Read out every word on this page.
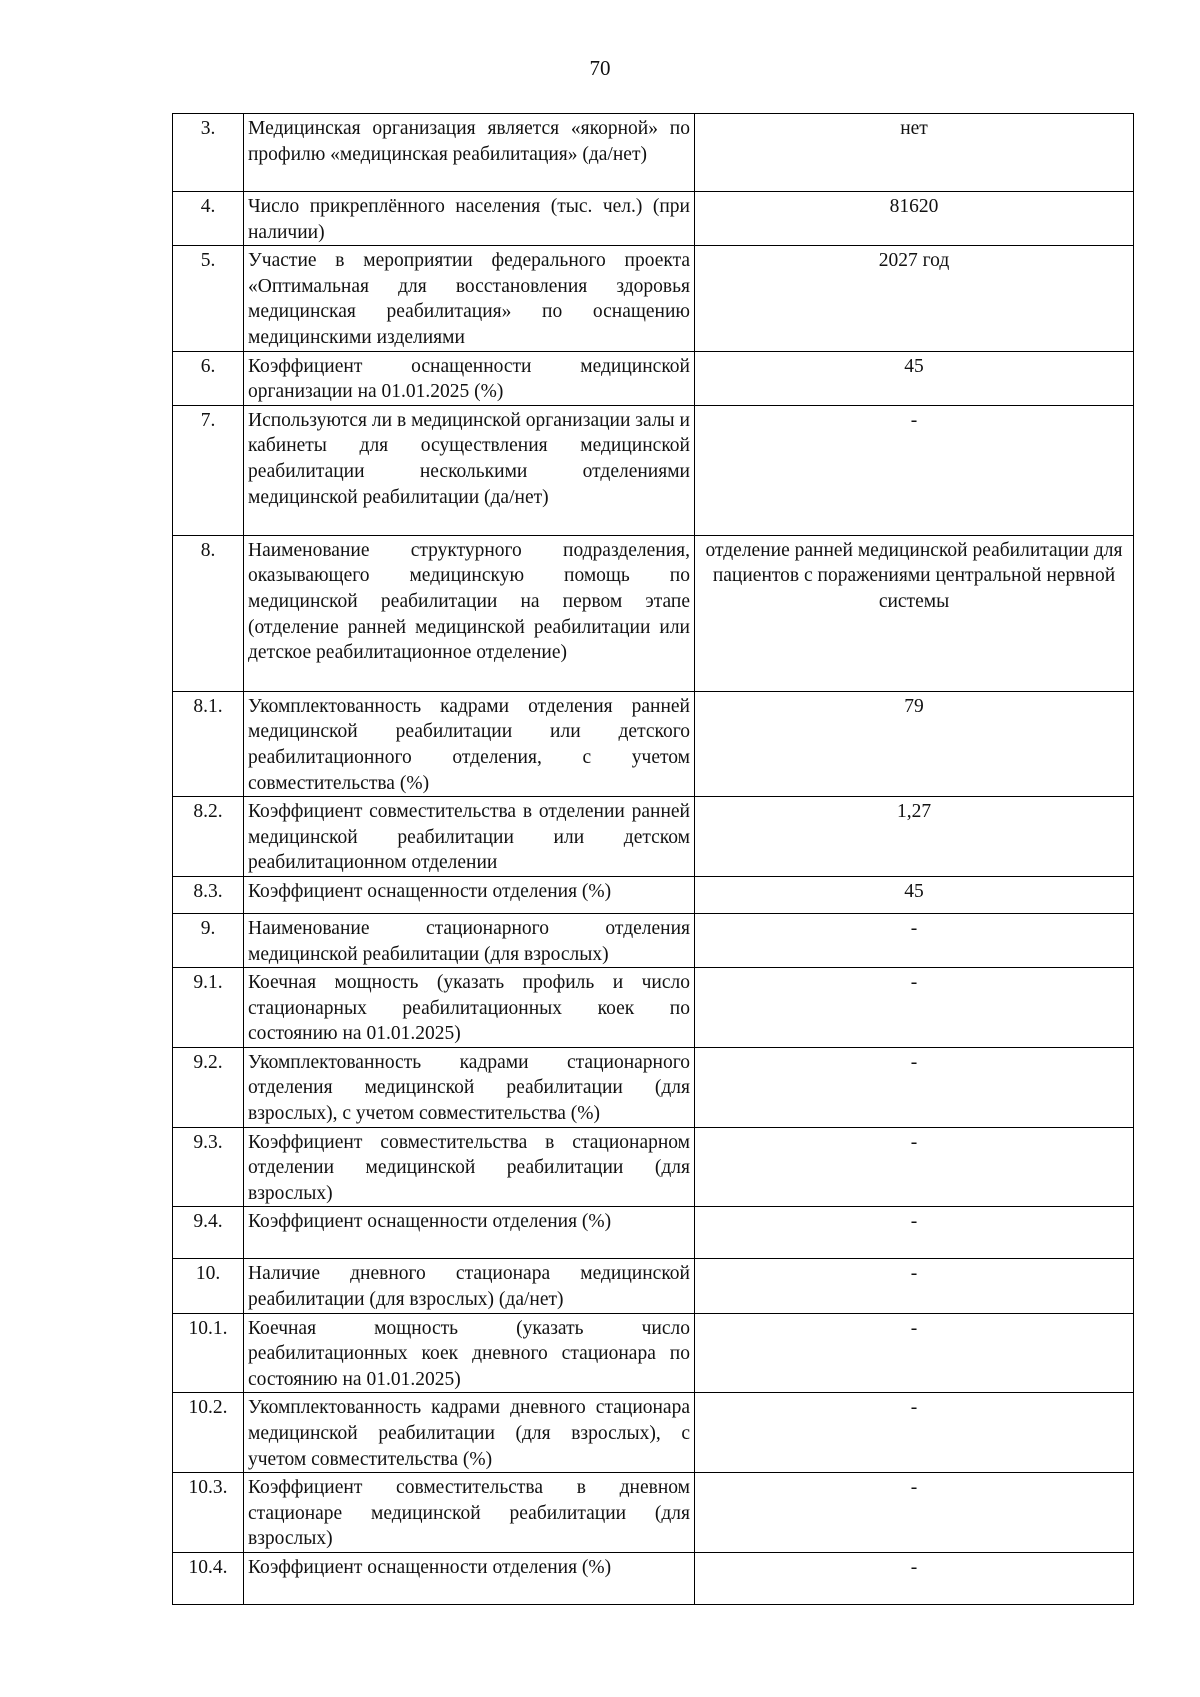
70
3.	Медицинская организация является «якорной» по профилю «медицинская реабилитация» (да/нет)	нет
4.	Число прикреплённого населения (тыс. чел.) (при наличии)	81620
5.	Участие в мероприятии федерального проекта «Оптимальная для восстановления здоровья медицинская реабилитация» по оснащению медицинскими изделиями	2027 год
6.	Коэффициент оснащенности медицинской организации на 01.01.2025 (%)	45
7.	Используются ли в медицинской организации залы и кабинеты для осуществления медицинской реабилитации несколькими отделениями медицинской реабилитации (да/нет)	-
8.	Наименование структурного подразделения, оказывающего медицинскую помощь по медицинской реабилитации на первом этапе (отделение ранней медицинской реабилитации или детское реабилитационное отделение)	отделение ранней медицинской реабилитации для пациентов с поражениями центральной нервной системы
8.1.	Укомплектованность кадрами отделения ранней медицинской реабилитации или детского реабилитационного отделения, с учетом совместительства (%)	79
8.2.	Коэффициент совместительства в отделении ранней медицинской реабилитации или детском реабилитационном отделении	1,27
8.3.	Коэффициент оснащенности отделения (%)	45
9.	Наименование стационарного отделения медицинской реабилитации (для взрослых)	-
9.1.	Коечная мощность (указать профиль и число стационарных реабилитационных коек по состоянию на 01.01.2025)	-
9.2.	Укомплектованность кадрами стационарного отделения медицинской реабилитации (для взрослых), с учетом совместительства (%)	-
9.3.	Коэффициент совместительства в стационарном отделении медицинской реабилитации (для взрослых)	-
9.4.	Коэффициент оснащенности отделения (%)	-
10.	Наличие дневного стационара медицинской реабилитации (для взрослых) (да/нет)	-
10.1.	Коечная мощность (указать число реабилитационных коек дневного стационара по состоянию на 01.01.2025)	-
10.2.	Укомплектованность кадрами дневного стационара медицинской реабилитации (для взрослых), с учетом совместительства (%)	-
10.3.	Коэффициент совместительства в дневном стационаре медицинской реабилитации (для взрослых)	-
10.4.	Коэффициент оснащенности отделения (%)	-
